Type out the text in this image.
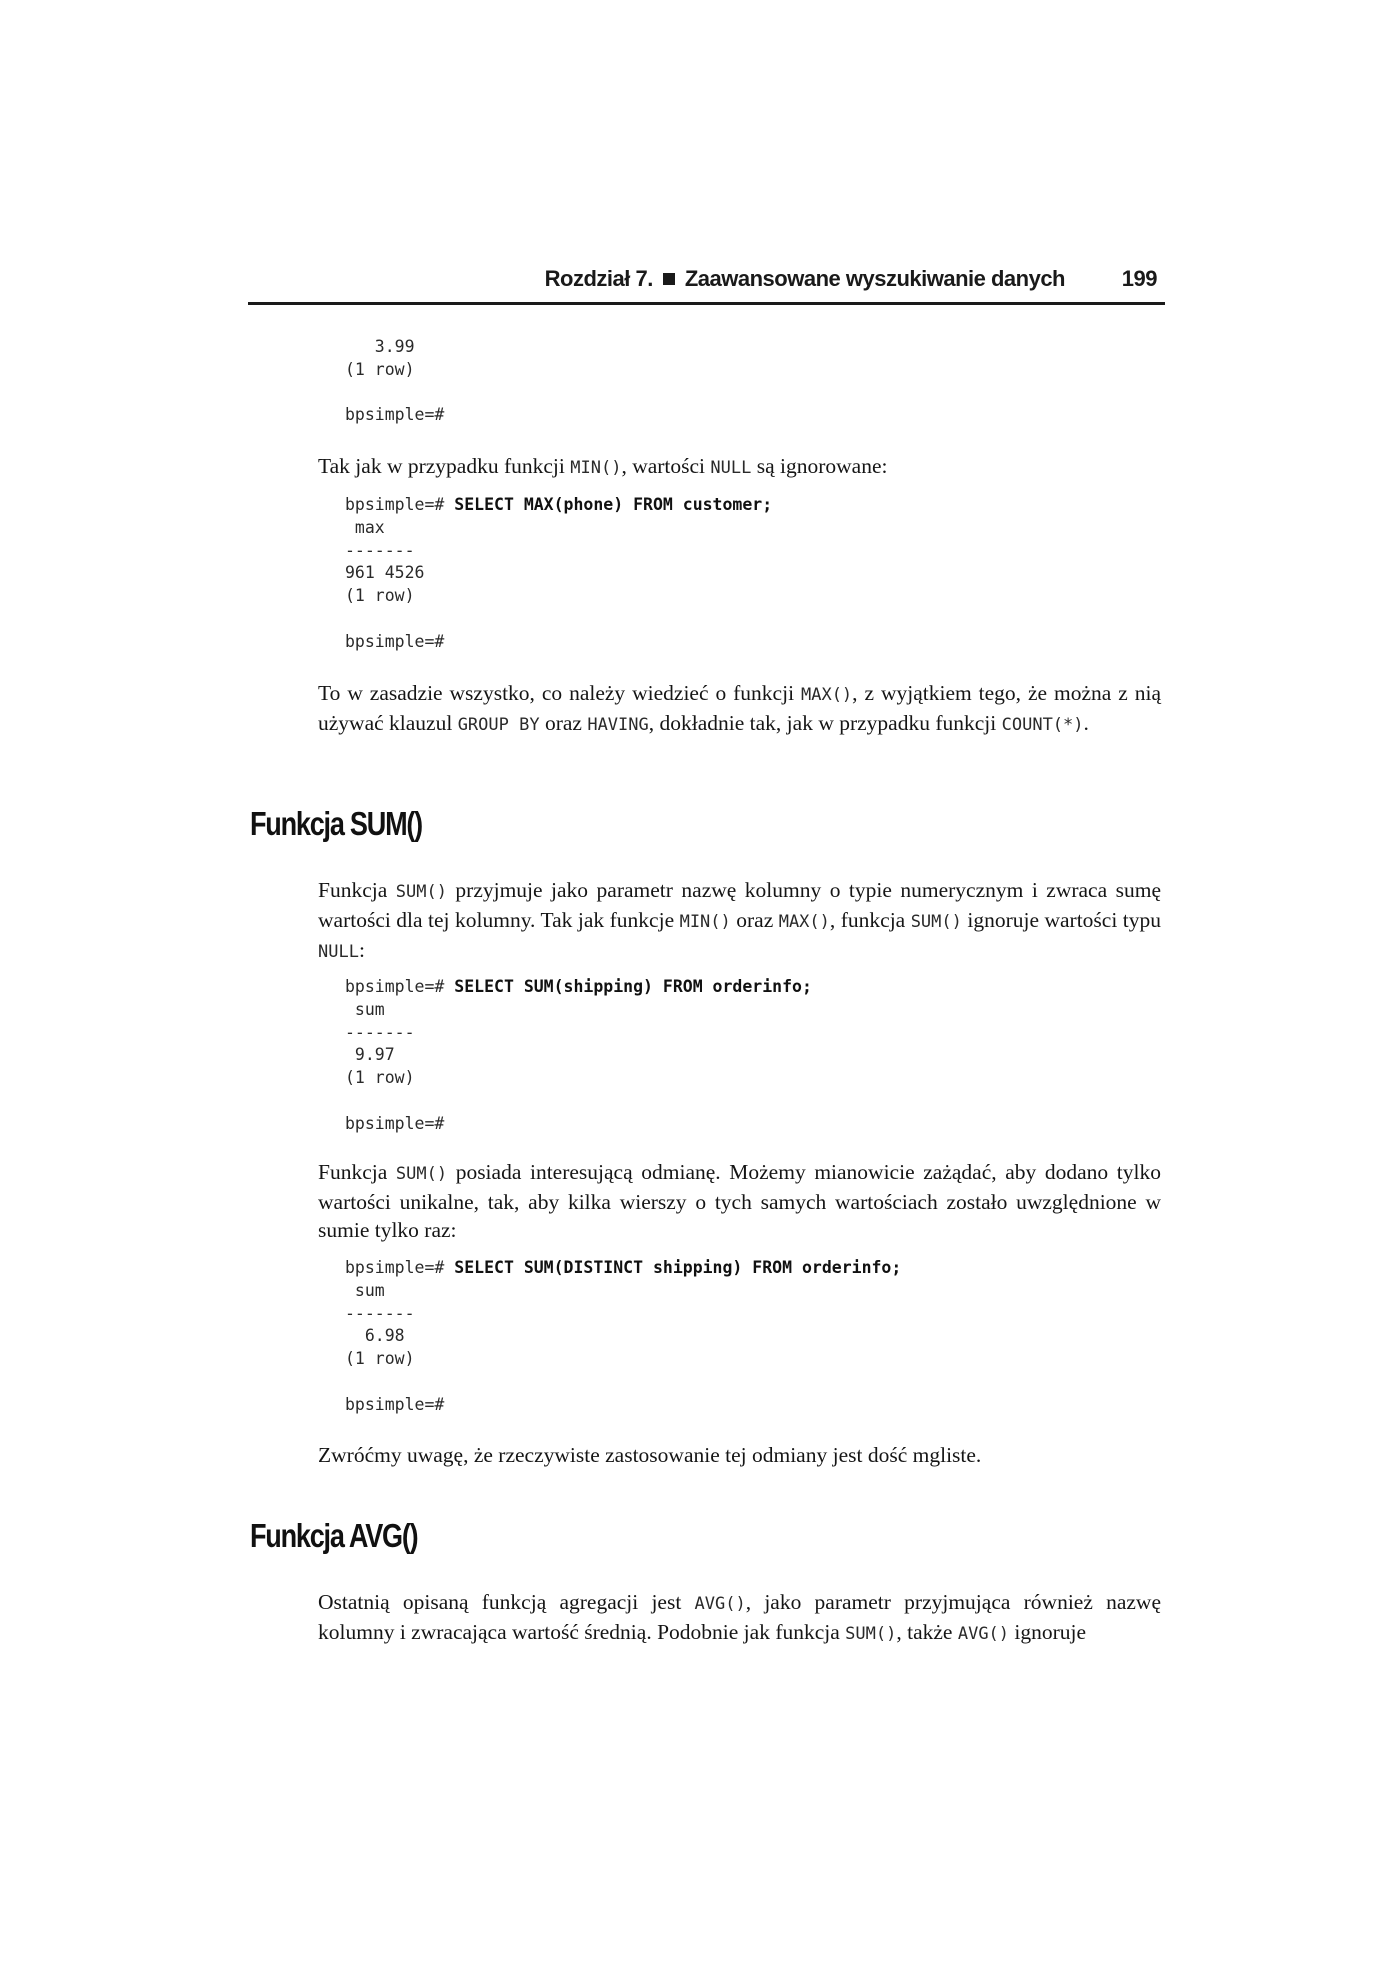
Rozdział 7. Zaawansowane wyszukiwanie danych	199
3.99
(1 row)

bpsimple=#
Tak jak w przypadku funkcji MIN(), wartości NULL są ignorowane:
bpsimple=# SELECT MAX(phone) FROM customer;
max
-------
961 4526
(1 row)

bpsimple=#
To w zasadzie wszystko, co należy wiedzieć o funkcji MAX(), z wyjątkiem tego, że można z nią używać klauzul GROUP BY oraz HAVING, dokładnie tak, jak w przypadku funkcji COUNT(*).
Funkcja SUM()
Funkcja SUM() przyjmuje jako parametr nazwę kolumny o typie numerycznym i zwraca sumę wartości dla tej kolumny. Tak jak funkcje MIN() oraz MAX(), funkcja SUM() ignoruje wartości typu NULL:
bpsimple=# SELECT SUM(shipping) FROM orderinfo;
sum
-------
9.97
(1 row)

bpsimple=#
Funkcja SUM() posiada interesującą odmianę. Możemy mianowicie zażądać, aby dodano tylko wartości unikalne, tak, aby kilka wierszy o tych samych wartościach zostało uwzględnione w sumie tylko raz:
bpsimple=# SELECT SUM(DISTINCT shipping) FROM orderinfo;
sum
-------
6.98
(1 row)

bpsimple=#
Zwróćmy uwagę, że rzeczywiste zastosowanie tej odmiany jest dość mgliste.
Funkcja AVG()
Ostatnią opisaną funkcją agregacji jest AVG(), jako parametr przyjmująca również nazwę kolumny i zwracająca wartość średnią. Podobnie jak funkcja SUM(), także AVG() ignoruje
